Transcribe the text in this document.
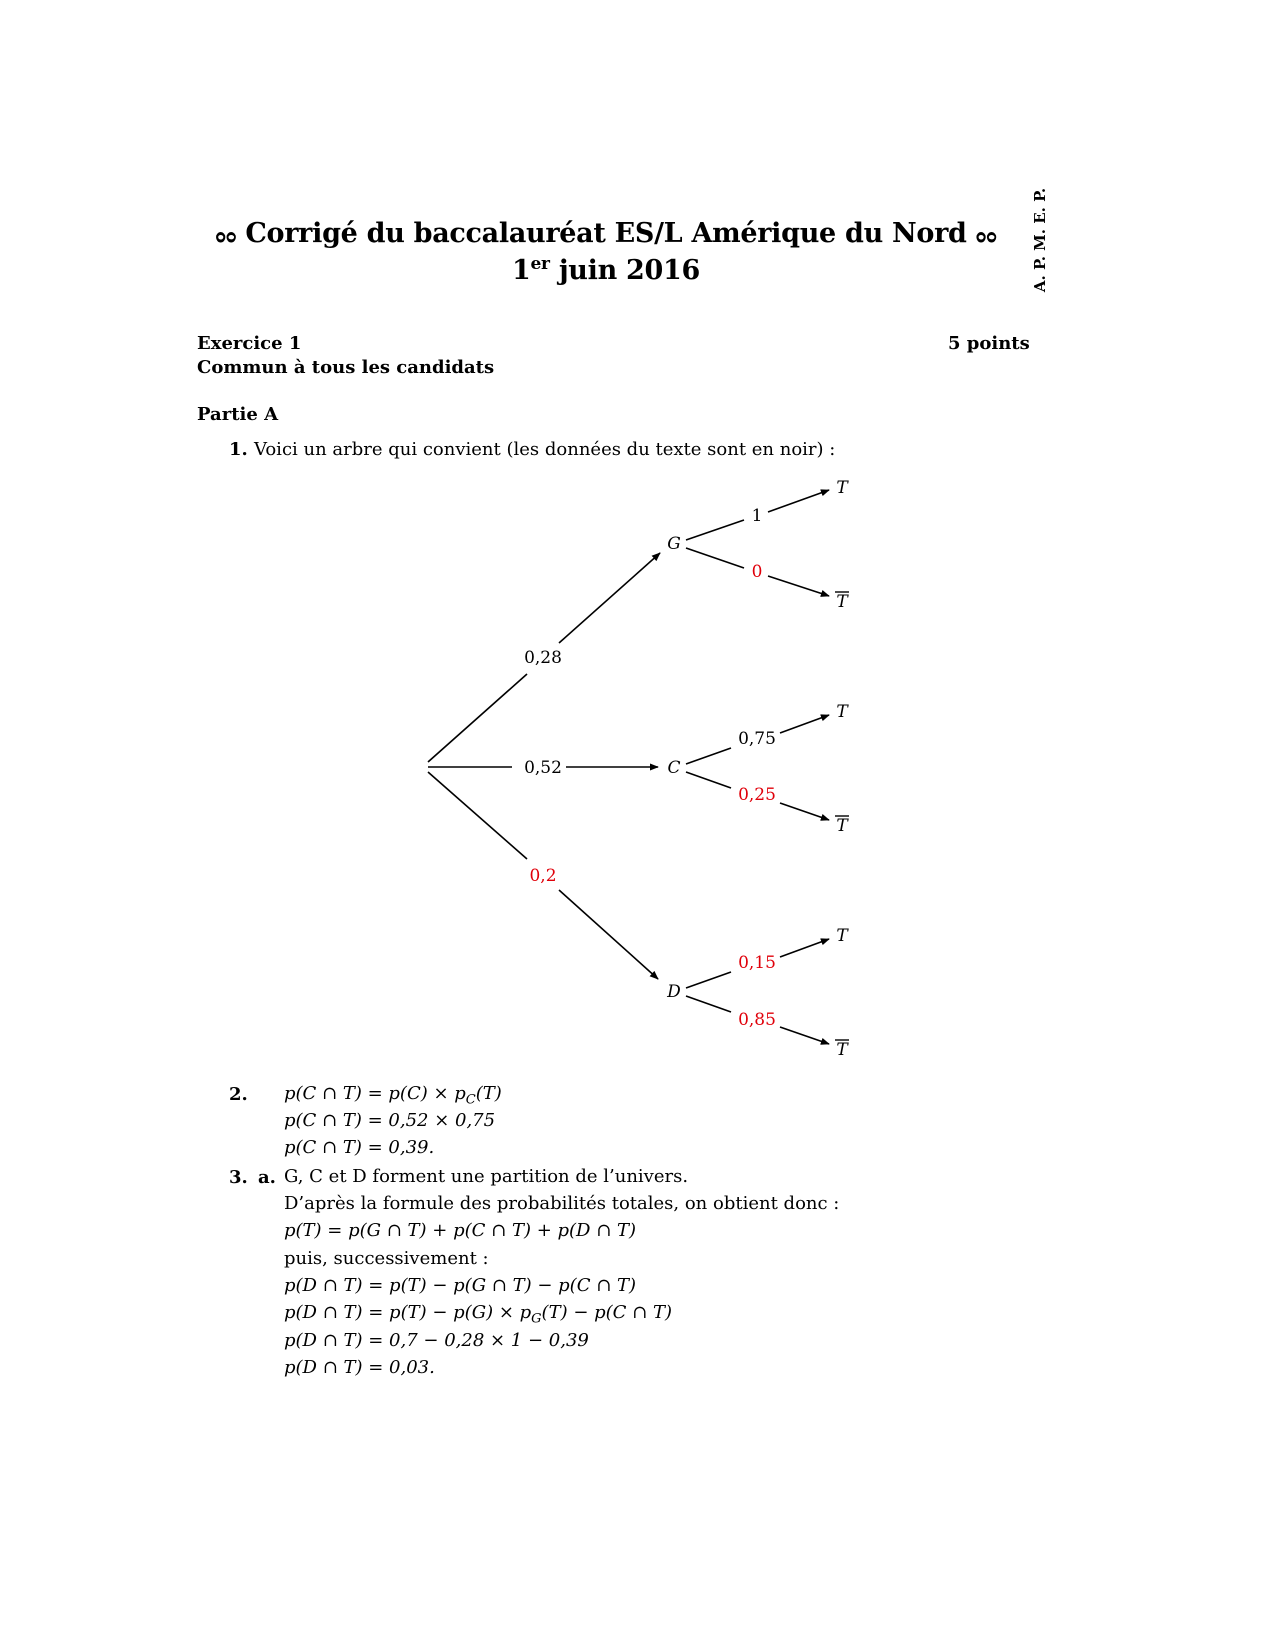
ೲ Corrigé du baccalauréat ES/L Amérique du Nord ೲ
1er juin 2016	A. P. M. E. P.
Exercice 1	5 points
Commun à tous les candidats
Partie A
1. Voici un arbre qui convient (les données du texte sont en noir) :
0,28
0,52
0,2
G
C
D
1
T
0
T
0,75
T
0,25
T
0,15
T
0,85
T
2. p(C ∩ $T) = p(C) \times p_C(T)$
p(C ∩ T) = 0,52 × 0,75
p(C ∩ T) = 0,39.
3. a. G, C et D forment une partition de l’univers.
D’après la formule des probabilités totales, on obtient donc :
p(T) = p(G ∩ T) + p(C ∩ T) + p(D ∩ T)
puis, successivement :
p(D ∩ T) = p(T) − p(G ∩ T) − p(C ∩ T)
p(D ∩ $T) = p(T) - p(G) \times p_G(T) - p(C$ ∩ T)
p(D ∩ T) = 0,7 − 0,28 × 1 − 0,39
p(D ∩ T) = 0,03.
